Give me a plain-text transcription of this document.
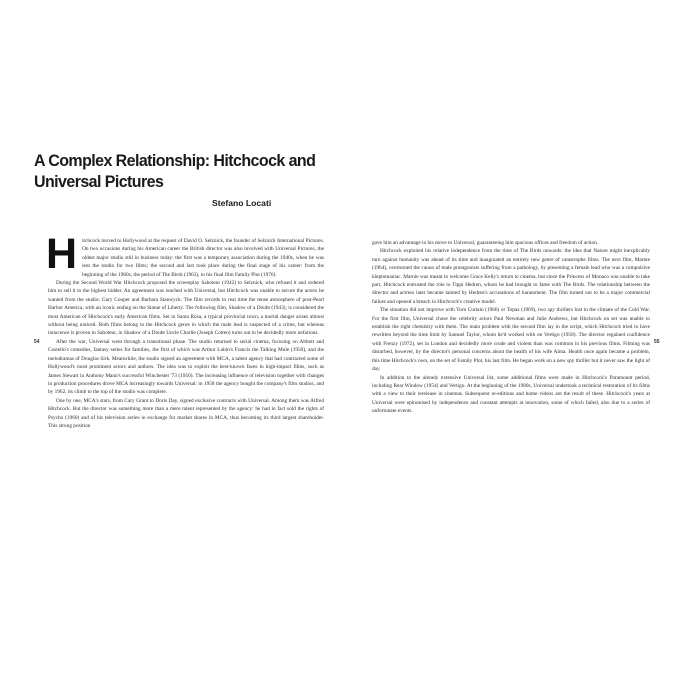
A Complex Relationship: Hitchcock and Universal Pictures
Stefano Locati

Hitchcock moved to Hollywood at the request of David O. Selznick, the founder of Selznick International Pictures. On two occasions during his American career the British director was also involved with Universal Pictures, the oldest major studio still in business today: the first was a temporary association during the 1940s, when he was lent the studio for two films; the second and last took place during the final stage of his career: from the beginning of the 1960s, the period of The Birds (1963), to his final film Family Plot (1976).

During the Second World War Hitchcock proposed the screenplay Saboteur (1942) to Selznick, who refused it and ordered him to sell it to the highest bidder. An agreement was reached with Universal, but Hitchcock was unable to secure the actors he wanted from the studio: Gary Cooper and Barbara Stanwyck. The film records in real time the tense atmosphere of post-Pearl Harbor America, with an iconic ending on the Statue of Liberty. The following film, Shadow of a Doubt (1943), is considered the most American of Hitchcock's early American films. Set in Santa Rosa, a typical provincial town, a mortal danger arises almost without being noticed. Both films belong to the Hitchcock genre in which the male lead is suspected of a crime, but whereas innocence is proven in Saboteur, in Shadow of a Doubt Uncle Charlie (Joseph Cotten) turns out to be decidedly more nefarious.

After the war, Universal went through a transitional phase. The studio returned to serial cinema, focusing on Abbott and Costello's comedies, fantasy series for families, the first of which was Arthur Lubin's Francis the Talking Mule (1950), and the melodramas of Douglas Sirk. Meanwhile, the studio signed an agreement with MCA, a talent agency that had contracted some of Hollywood's most prominent actors and authors. The idea was to exploit the best-known faces in high-impact films, such as James Stewart in Anthony Mann's successful Winchester '73 (1950). The increasing influence of television together with changes in production procedures drove MCA increasingly towards Universal: in 1958 the agency bought the company's film studios, and by 1962, its climb to the top of the studio was complete.

One by one, MCA's stars, from Cary Grant to Doris Day, signed exclusive contracts with Universal. Among them was Alfred Hitchcock. But the director was something more than a mere talent represented by the agency: he had in fact sold the rights of Psycho (1960) and of his television series in exchange for market shares in MCA, thus becoming its third largest shareholder. This strong position

54

gave him an advantage in his move to Universal, guaranteeing him spacious offices and freedom of action.

Hitchcock exploited his relative independence from the time of The Birds onwards: the idea that Nature might inexplicably turn against humanity was ahead of its time and inaugurated an entirely new genre of catastrophe films. The next film, Marnie (1964), overturned the canon of male protagonists suffering from a pathology, by presenting a female lead who was a compulsive kleptomaniac. Marnie was meant to welcome Grace Kelly's return to cinema, but since the Princess of Monaco was unable to take part, Hitchcock entrusted the role to Tippi Hedren, whom he had brought to fame with The Birds. The relationship between the director and actress later became tainted by Hedren's accusations of harassment. The film turned out to be a major commercial failure and opened a breach in Hitchcock's creative model.

The situation did not improve with Torn Curtain (1966) or Topaz (1969), two spy thrillers lost in the climate of the Cold War. For the first film, Universal chose the celebrity actors Paul Newman and Julie Andrews, but Hitchcock on set was unable to establish the right chemistry with them. The main problem with the second film lay in the script, which Hitchcock tried to have rewritten beyond the time limit by Samuel Taylor, whom he'd worked with on Vertigo (1958). The director regained confidence with Frenzy (1972), set in London and decidedly more crude and violent than was common in his previous films. Filming was disturbed, however, by the director's personal concerns about the health of his wife Alma. Health once again became a problem, this time Hitchcock's own, on the set of Family Plot, his last film. He began work on a new spy thriller but it never saw the light of day.

In addition to the already extensive Universal list, some additional films were made in Hitchcock's Paramount period, including Rear Window (1954) and Vertigo. At the beginning of the 1980s, Universal undertook a technical restoration of its films with a view to their rerelease in cinemas. Subsequent re-editions and home videos are the result of these. Hitchcock's years at Universal were epitomised by independence and constant attempts at innovation, some of which failed, also due to a series of unfortunate events.

55
